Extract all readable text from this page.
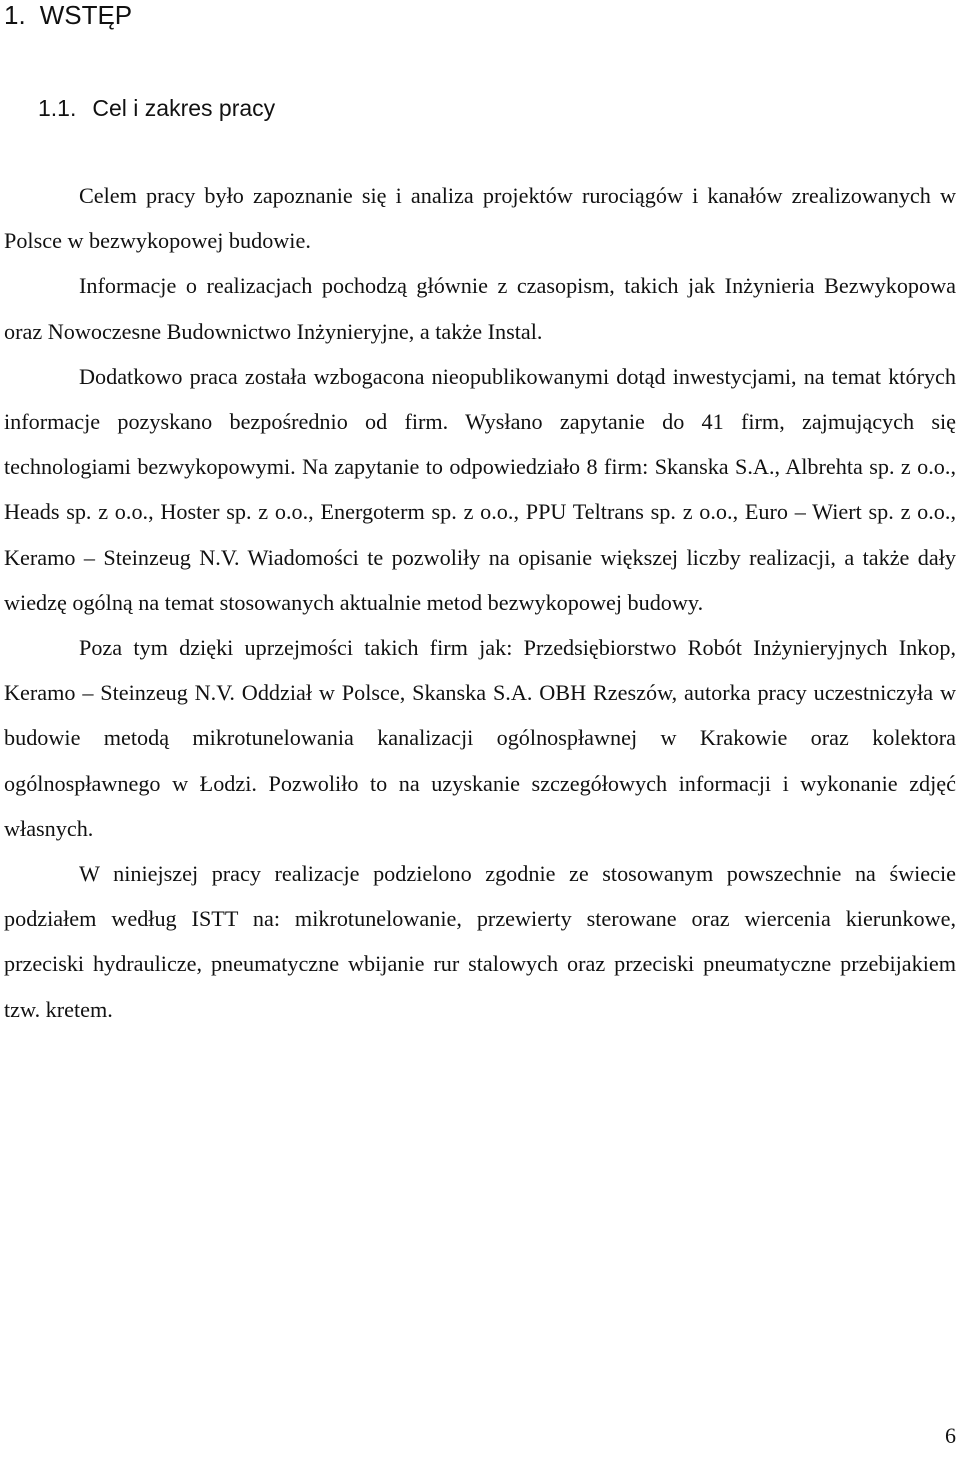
1. WSTĘP
1.1. Cel i zakres pracy

Celem pracy było zapoznanie się i analiza projektów rurociągów i kanałów zrealizowanych w Polsce w bezwykopowej budowie.

Informacje o realizacjach pochodzą głównie z czasopism, takich jak Inżynieria Bezwykopowa oraz Nowoczesne Budownictwo Inżynieryjne, a także Instal.

Dodatkowo praca została wzbogacona nieopublikowanymi dotąd inwestycjami, na temat których informacje pozyskano bezpośrednio od firm. Wysłano zapytanie do 41 firm, zajmujących się technologiami bezwykopowymi. Na zapytanie to odpowiedziało 8 firm: Skanska S.A., Albrehta sp. z o.o., Heads sp. z o.o., Hoster sp. z o.o., Energoterm sp. z o.o., PPU Teltrans sp. z o.o., Euro – Wiert sp. z o.o., Keramo – Steinzeug N.V. Wiadomości te pozwoliły na opisanie większej liczby realizacji, a także dały wiedzę ogólną na temat stosowanych aktualnie metod bezwykopowej budowy.

Poza tym dzięki uprzejmości takich firm jak: Przedsiębiorstwo Robót Inżynieryjnych Inkop, Keramo – Steinzeug N.V. Oddział w Polsce, Skanska S.A. OBH Rzeszów, autorka pracy uczestniczyła w budowie metodą mikrotunelowania kanalizacji ogólnospławnej w Krakowie oraz kolektora ogólnospławnego w Łodzi. Pozwoliło to na uzyskanie szczegółowych informacji i wykonanie zdjęć własnych.

W niniejszej pracy realizacje podzielono zgodnie ze stosowanym powszechnie na świecie podziałem według ISTT na: mikrotunelowanie, przewierty sterowane oraz wiercenia kierunkowe, przeciski hydraulicze, pneumatyczne wbijanie rur stalowych oraz przeciski pneumatyczne przebijakiem tzw. kretem.

6
